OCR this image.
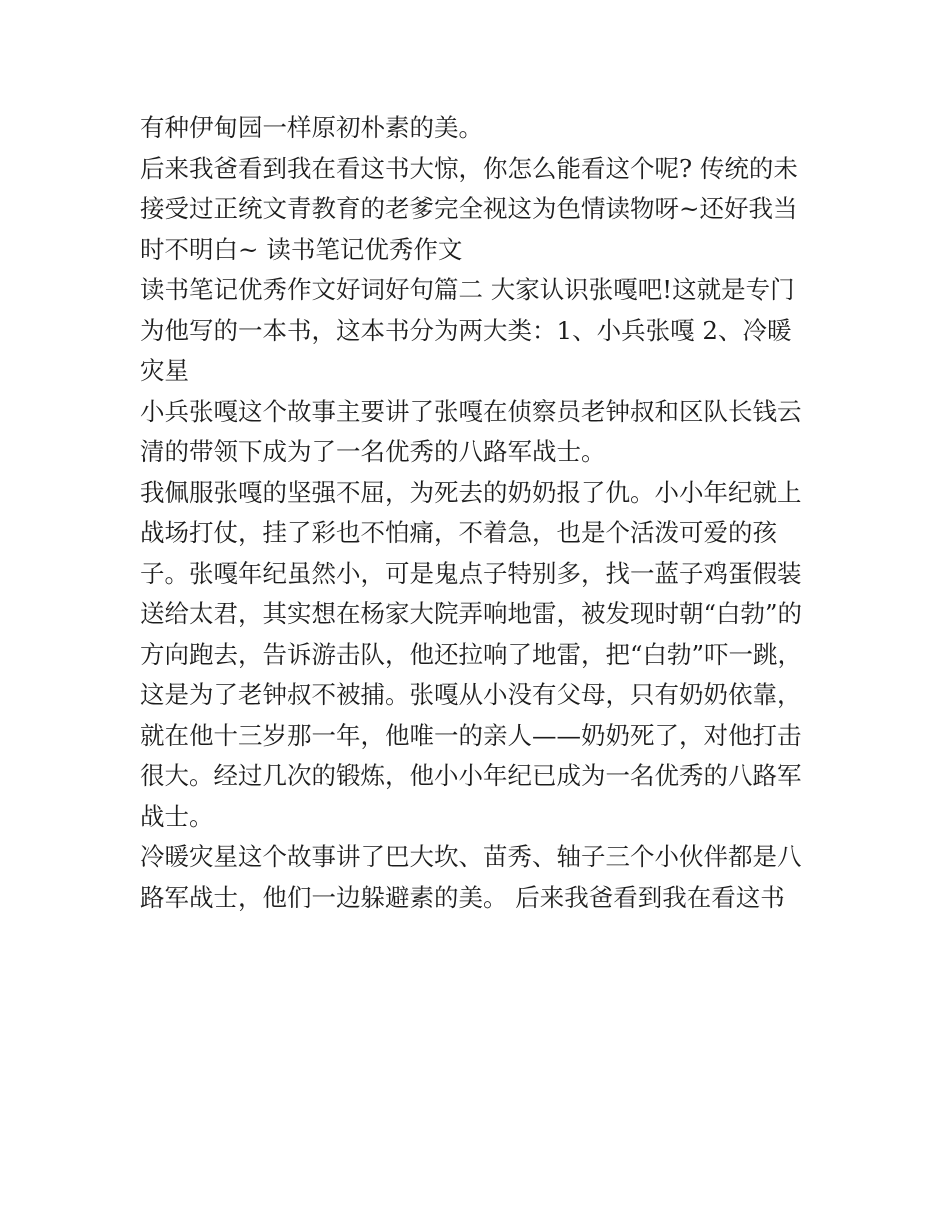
有种伊甸园一样原初朴素的美。

后来我爸看到我在看这书大惊，你怎么能看这个呢? 传统的未

接受过正统文青教育的老爹完全视这为色情读物呀~还好我当

时不明白~ 读书笔记优秀作文

读书笔记优秀作文好词好句篇二 大家认识张嘎吧!这就是专门

为他写的一本书，这本书分为两大类：1、小兵张嘎 2、冷暖

灾星

小兵张嘎这个故事主要讲了张嘎在侦察员老钟叔和区队长钱云

清的带领下成为了一名优秀的八路军战士。

我佩服张嘎的坚强不屈，为死去的奶奶报了仇。小小年纪就上

战场打仗，挂了彩也不怕痛，不着急，也是个活泼可爱的孩

子。张嘎年纪虽然小，可是鬼点子特别多，找一蓝子鸡蛋假装

送给太君，其实想在杨家大院弄响地雷，被发现时朝“白勃”的

方向跑去，告诉游击队，他还拉响了地雷，把“白勃”吓一跳，

这是为了老钟叔不被捕。张嘎从小没有父母，只有奶奶依靠，

就在他十三岁那一年，他唯一的亲人——奶奶死了，对他打击

很大。经过几次的锻炼，他小小年纪已成为一名优秀的八路军

战士。

冷暖灾星这个故事讲了巴大坎、苗秀、轴子三个小伙伴都是八

路军战士，他们一边躲避素的美。 后来我爸看到我在看这书
